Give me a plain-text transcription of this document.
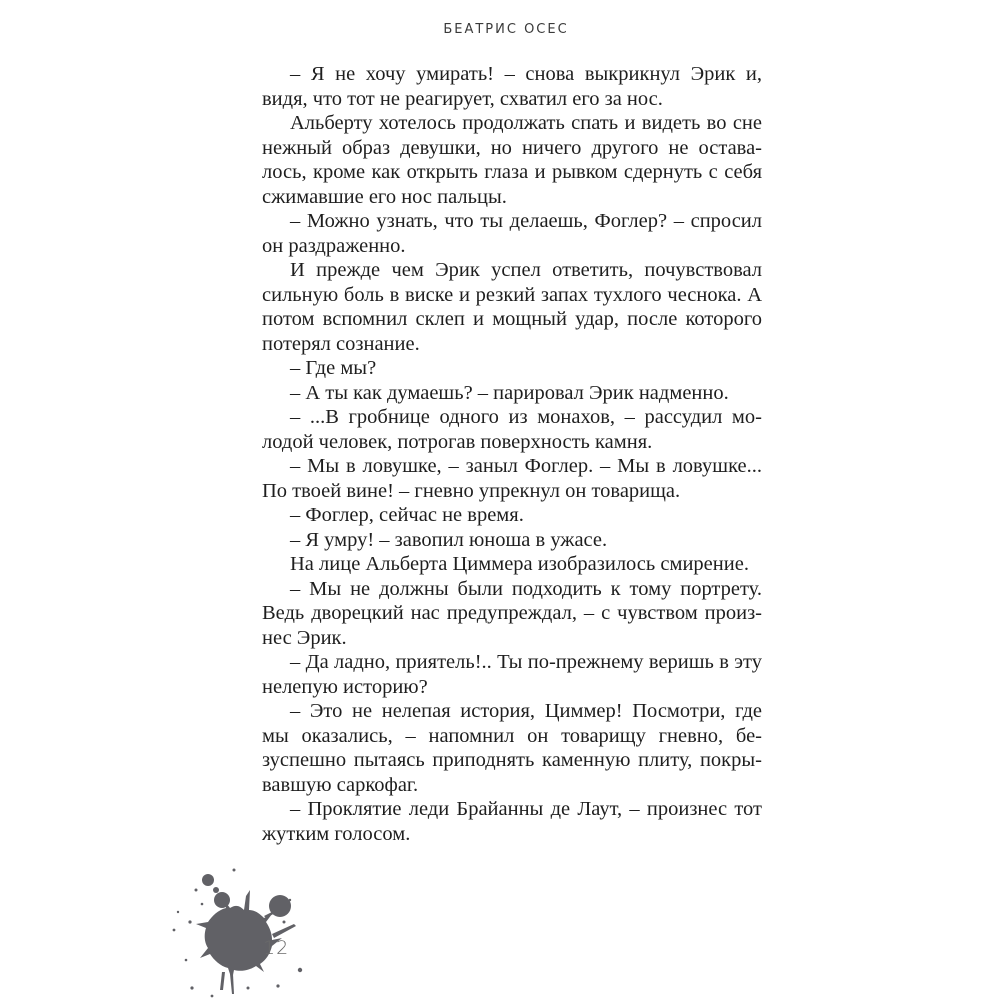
БЕАТРИС ОСЕС

– Я не хочу умирать! – снова выкрикнул Эрик и, видя, что тот не реагирует, схватил его за нос.

Альберту хотелось продолжать спать и видеть во сне нежный образ девушки, но ничего другого не оставалось, кроме как открыть глаза и рывком сдернуть с себя сжимавшие его нос пальцы.

– Можно узнать, что ты делаешь, Фоглер? – спросил он раздраженно.

И прежде чем Эрик успел ответить, почувствовал сильную боль в виске и резкий запах тухлого чеснока. А потом вспомнил склеп и мощный удар, после которого потерял сознание.

– Где мы?

– А ты как думаешь? – парировал Эрик надменно.

– ...В гробнице одного из монахов, – рассудил молодой человек, потрогав поверхность камня.

– Мы в ловушке, – заныл Фоглер. – Мы в ловушке... По твоей вине! – гневно упрекнул он товарища.

– Фоглер, сейчас не время.

– Я умру! – завопил юноша в ужасе.

На лице Альберта Циммера изобразилось смирение.

– Мы не должны были подходить к тому портрету. Ведь дворецкий нас предупреждал, – с чувством произнес Эрик.

– Да ладно, приятель!.. Ты по-прежнему веришь в эту нелепую историю?

– Это не нелепая история, Циммер! Посмотри, где мы оказались, – напомнил он товарищу гневно, безуспешно пытаясь приподнять каменную плиту, покрывавшую саркофаг.

– Проклятие леди Брайанны де Лаут, – произнес тот жутким голосом.

12
